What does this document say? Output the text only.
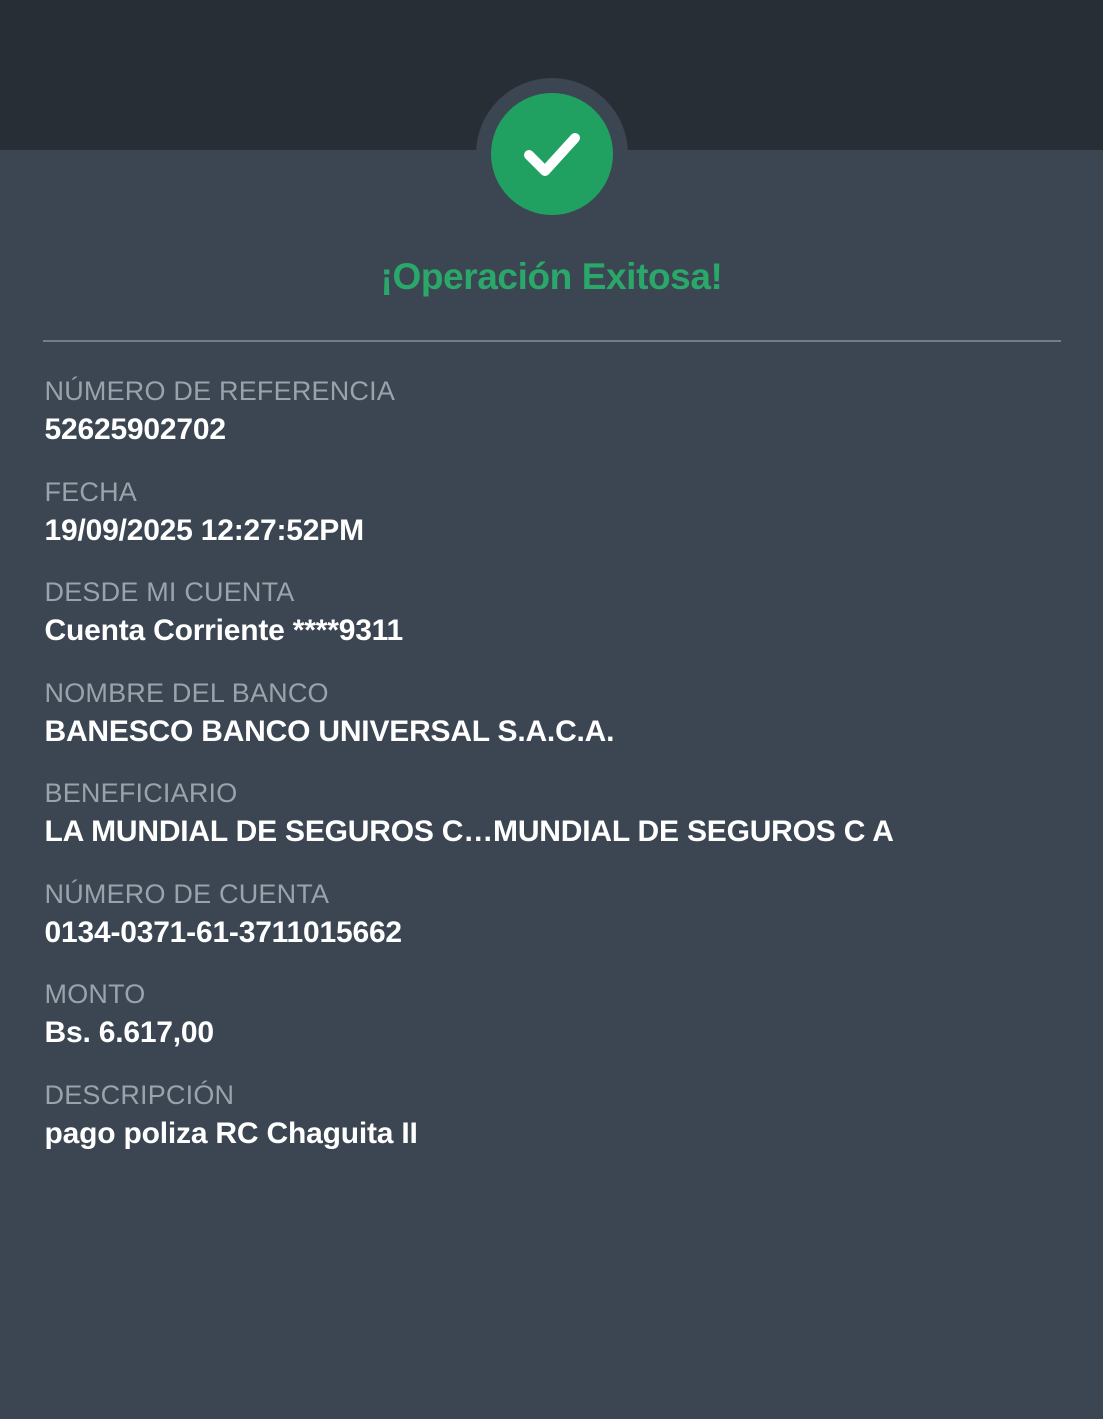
¡Operación Exitosa!
NÚMERO DE REFERENCIA
52625902702
FECHA
19/09/2025 12:27:52PM
DESDE MI CUENTA
Cuenta Corriente ****9311
NOMBRE DEL BANCO
BANESCO BANCO UNIVERSAL S.A.C.A.
BENEFICIARIO
LA MUNDIAL DE SEGUROS C…MUNDIAL DE SEGUROS C A
NÚMERO DE CUENTA
0134-0371-61-3711015662
MONTO
Bs. 6.617,00
DESCRIPCIÓN
pago poliza RC Chaguita II
